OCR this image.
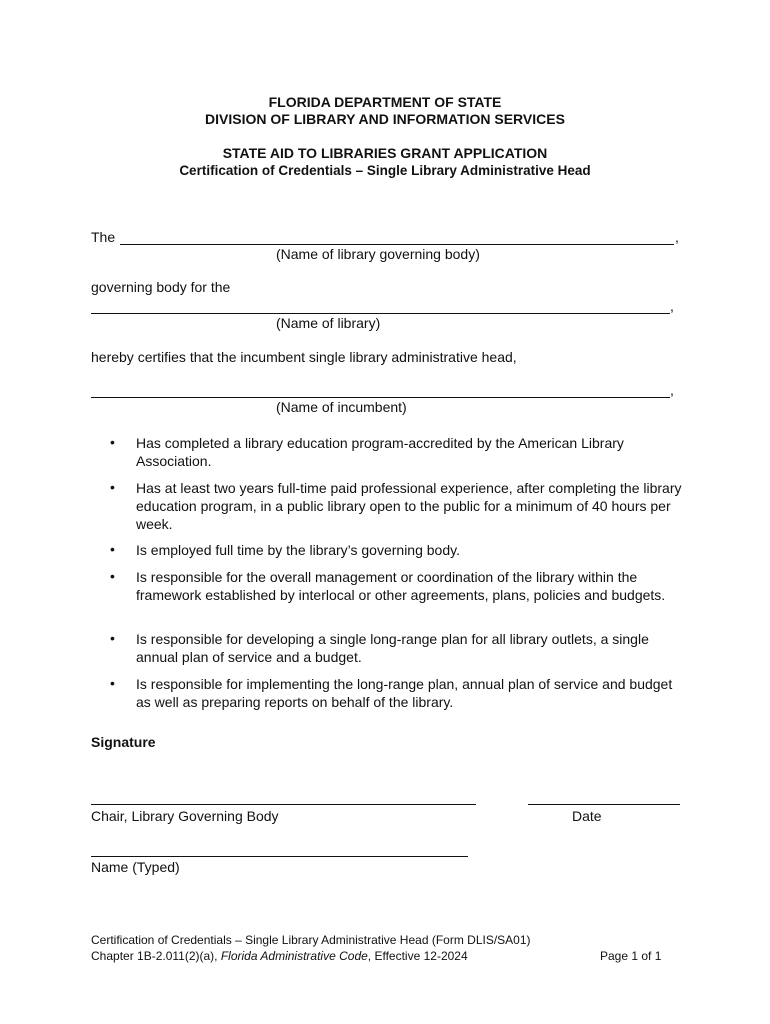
FLORIDA DEPARTMENT OF STATE
DIVISION OF LIBRARY AND INFORMATION SERVICES
STATE AID TO LIBRARIES GRANT APPLICATION
Certification of Credentials – Single Library Administrative Head
The	,
(Name of library governing body)
governing body for the
,
(Name of library)
hereby certifies that the incumbent single library administrative head,
,
(Name of incumbent)
• Has completed a library education program-accredited by the American Library Association.
• Has at least two years full-time paid professional experience, after completing the library education program, in a public library open to the public for a minimum of 40 hours per week.
• Is employed full time by the library’s governing body.
• Is responsible for the overall management or coordination of the library within the framework established by interlocal or other agreements, plans, policies and budgets.
• Is responsible for developing a single long-range plan for all library outlets, a single annual plan of service and a budget.
• Is responsible for implementing the long-range plan, annual plan of service and budget as well as preparing reports on behalf of the library.
Signature
Chair, Library Governing Body	Date
Name (Typed)
Certification of Credentials – Single Library Administrative Head (Form DLIS/SA01)
Chapter 1B-2.011(2)(a), Florida Administrative Code, Effective 12-2024	Page 1 of 1
